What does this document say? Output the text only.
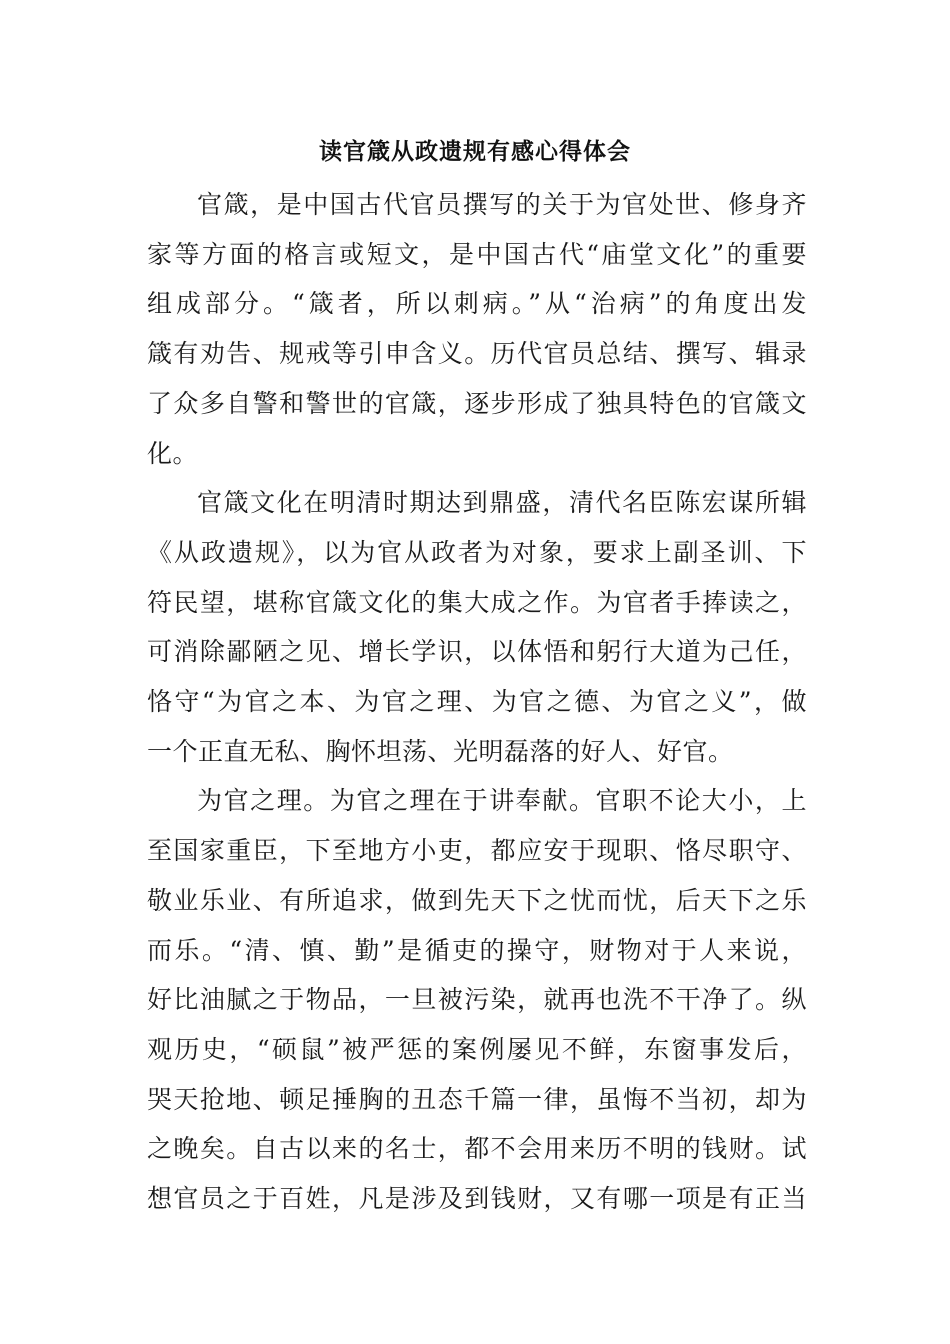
读官箴从政遗规有感心得体会
官箴，是中国古代官员撰写的关于为官处世、修身齐
家等方面的格言或短文，是中国古代“庙堂文化”的重要
组成部分。“箴者，所以刺病。”从“治病”的角度出发
箴有劝告、规戒等引申含义。历代官员总结、撰写、辑录
了众多自警和警世的官箴，逐步形成了独具特色的官箴文
化。
官箴文化在明清时期达到鼎盛，清代名臣陈宏谋所辑
《从政遗规》，以为官从政者为对象，要求上副圣训、下
符民望，堪称官箴文化的集大成之作。为官者手捧读之，
可消除鄙陋之见、增长学识，以体悟和躬行大道为己任，
恪守“为官之本、为官之理、为官之德、为官之义”，做
一个正直无私、胸怀坦荡、光明磊落的好人、好官。
为官之理。为官之理在于讲奉献。官职不论大小，上
至国家重臣，下至地方小吏，都应安于现职、恪尽职守、
敬业乐业、有所追求，做到先天下之忧而忧，后天下之乐
而乐。“清、慎、勤”是循吏的操守，财物对于人来说，
好比油腻之于物品，一旦被污染，就再也洗不干净了。纵
观历史，“硕鼠”被严惩的案例屡见不鲜，东窗事发后，
哭天抢地、顿足捶胸的丑态千篇一律，虽悔不当初，却为
之晚矣。自古以来的名士，都不会用来历不明的钱财。试
想官员之于百姓，凡是涉及到钱财，又有哪一项是有正当
